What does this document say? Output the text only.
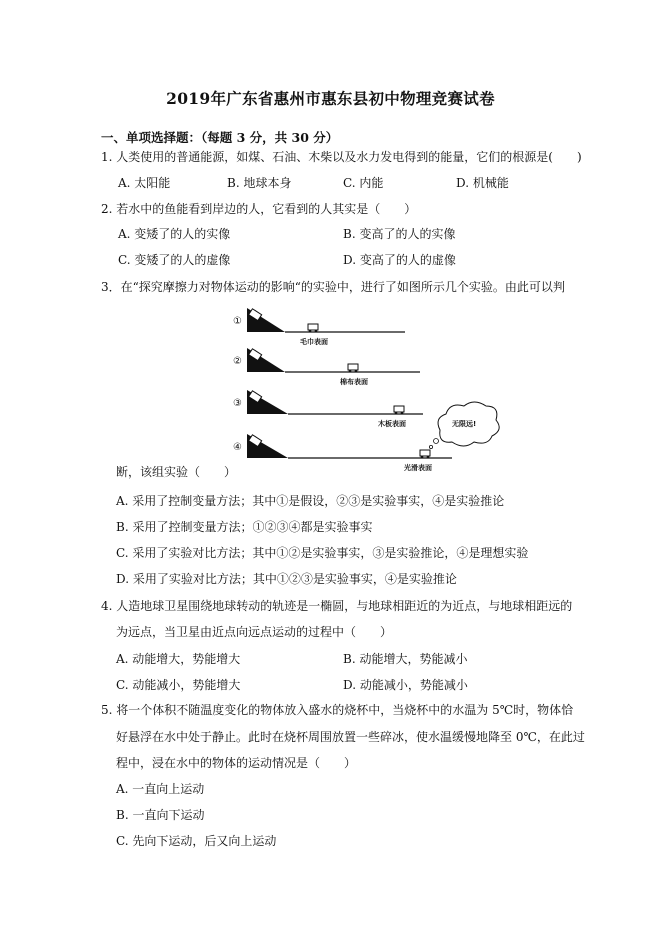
2019年广东省惠州市惠东县初中物理竞赛试卷
一、单项选择题：（每题 3 分，共 30 分）
1. 人类使用的普通能源，如煤、石油、木柴以及水力发电得到的能量，它们的根源是(　　)
A. 太阳能	B. 地球本身	C. 内能	D. 机械能
2. 若水中的鱼能看到岸边的人，它看到的人其实是（　　）
A. 变矮了的人的实像	B. 变高了的人的实像
C. 变矮了的人的虚像	D. 变高了的人的虚像
3．在“探究摩擦力对物体运动的影响“的实验中，进行了如图所示几个实验。由此可以判
①
毛巾表面
②
棉布表面
③
木板表面
④
光滑表面
无限远!
断，该组实验（　　）
A. 采用了控制变量方法；其中①是假设，②③是实验事实，④是实验推论
B. 采用了控制变量方法；①②③④都是实验事实
C. 采用了实验对比方法；其中①②是实验事实，③是实验推论，④是理想实验
D. 采用了实验对比方法；其中①②③是实验事实，④是实验推论
4. 人造地球卫星围绕地球转动的轨迹是一椭圆，与地球相距近的为近点，与地球相距远的
为远点，当卫星由近点向远点运动的过程中（　　）
A. 动能增大，势能增大	B. 动能增大，势能减小
C. 动能减小，势能增大	D. 动能减小，势能减小
5. 将一个体积不随温度变化的物体放入盛水的烧杯中，当烧杯中的水温为 5℃时，物体恰
好悬浮在水中处于静止。此时在烧杯周围放置一些碎冰，使水温缓慢地降至 0℃，在此过
程中，浸在水中的物体的运动情况是（　　）
A. 一直向上运动
B. 一直向下运动
C. 先向下运动，后又向上运动
